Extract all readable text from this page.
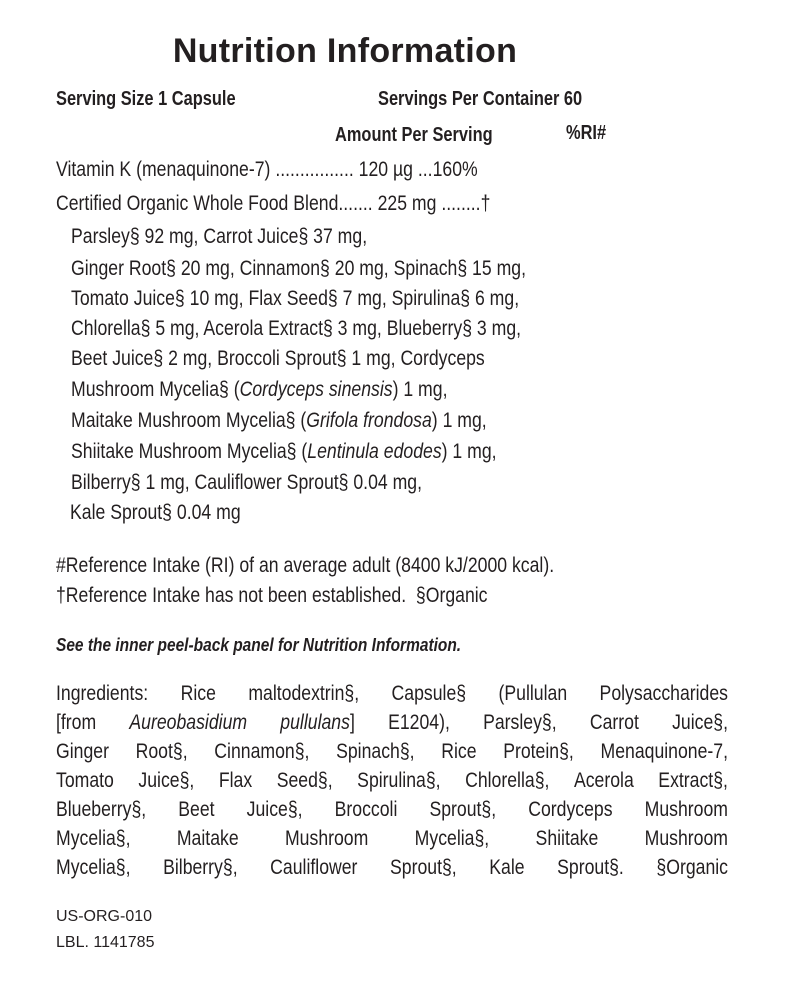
Nutrition Information
Serving Size 1 Capsule	Servings Per Container 60
Amount Per Serving	%RI#
Vitamin K (menaquinone-7) ................ 120 µg ...160%
Certified Organic Whole Food Blend....... 225 mg ........†
Parsley§ 92 mg, Carrot Juice§ 37 mg,
Ginger Root§ 20 mg, Cinnamon§ 20 mg, Spinach§ 15 mg,
Tomato Juice§ 10 mg, Flax Seed§ 7 mg, Spirulina§ 6 mg,
Chlorella§ 5 mg, Acerola Extract§ 3 mg, Blueberry§ 3 mg,
Beet Juice§ 2 mg, Broccoli Sprout§ 1 mg, Cordyceps
Mushroom Mycelia§ (Cordyceps sinensis) 1 mg,
Maitake Mushroom Mycelia§ (Grifola frondosa) 1 mg,
Shiitake Mushroom Mycelia§ (Lentinula edodes) 1 mg,
Bilberry§ 1 mg, Cauliflower Sprout§ 0.04 mg,
Kale Sprout§ 0.04 mg
#Reference Intake (RI) of an average adult (8400 kJ/2000 kcal).
†Reference Intake has not been established. §Organic
See the inner peel-back panel for Nutrition Information.
Ingredients: Rice maltodextrin§, Capsule§ (Pullulan Polysaccharides
[from Aureobasidium pullulans] E1204), Parsley§, Carrot Juice§,
Ginger Root§, Cinnamon§, Spinach§, Rice Protein§, Menaquinone-7,
Tomato Juice§, Flax Seed§, Spirulina§, Chlorella§, Acerola Extract§,
Blueberry§, Beet Juice§, Broccoli Sprout§, Cordyceps Mushroom
Mycelia§, Maitake Mushroom Mycelia§, Shiitake Mushroom
Mycelia§, Bilberry§, Cauliflower Sprout§, Kale Sprout§. §Organic
US-ORG-010
LBL. 1141785
